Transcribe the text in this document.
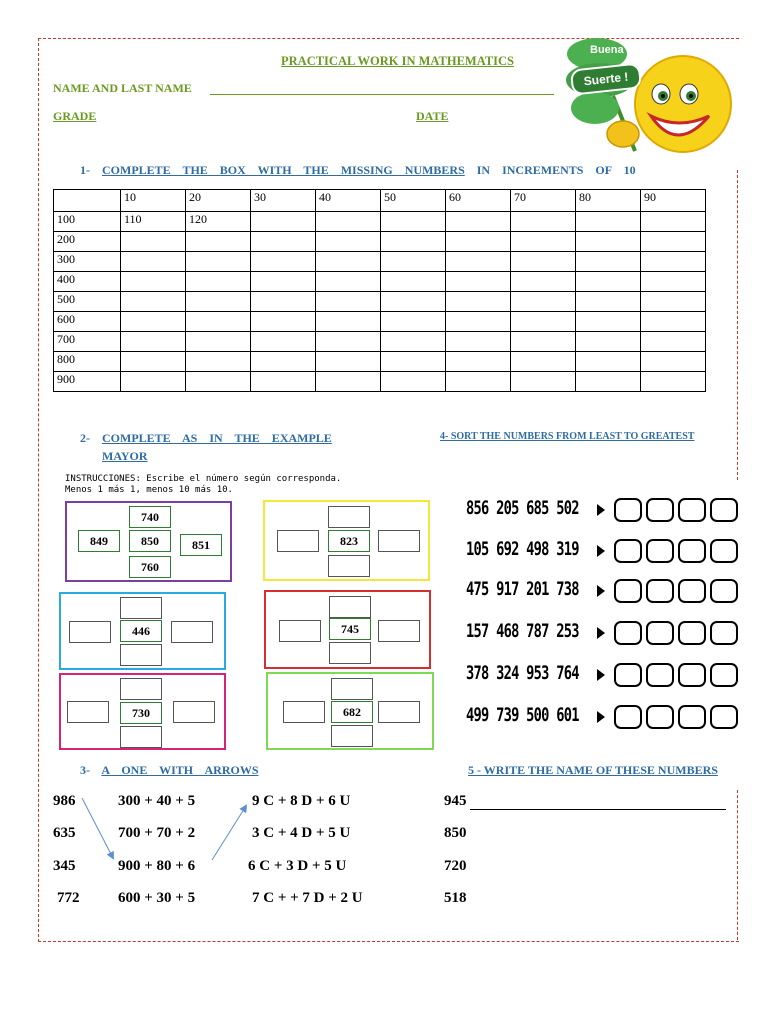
PRACTICAL WORK IN MATHEMATICS
NAME AND LAST NAME
GRADE	DATE
Buena
Suerte !
1- COMPLETE THE BOX WITH THE MISSING NUMBERS IN INCREMENTS OF 10
	10	20	30	40	50	60	70	80	90
100	110	120							
200									
300									
400									
500									
600									
700									
800									
900									
2- COMPLETE AS IN THE EXAMPLE
MAYOR
INSTRUCCIONES: Escribe el número según corresponda.
Menos 1 más 1, menos 10 más 10.
740
850
760
849	851	823
446	745
730	682
4- SORT THE NUMBERS FROM LEAST TO GREATEST
856 205 685 502
105 692 498 319
475 917 201 738
157 468 787 253
378 324 953 764
499 739 500 601
3- A ONE WITH ARROWS
986
635
345
772
300 + 40 + 5
700 + 70 + 2
900 + 80 + 6
600 + 30 + 5
9 C + 8 D + 6 U
3 C + 4 D + 5 U
6 C + 3 D + 5 U
7 C + + 7 D + 2 U
5 - WRITE THE NAME OF THESE NUMBERS
945
850
720
518
